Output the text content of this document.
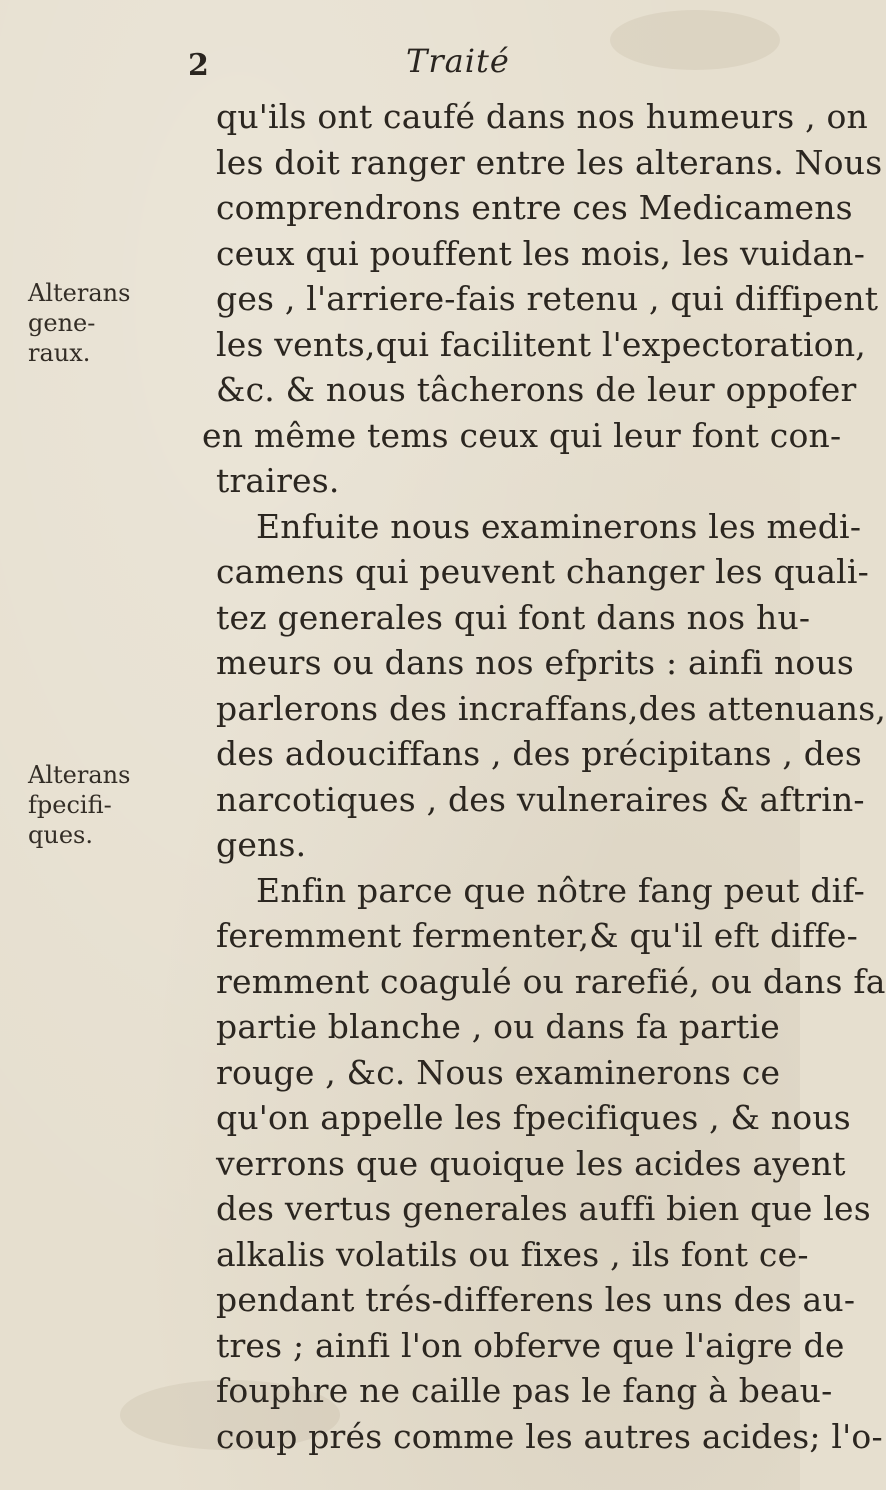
2	Traité
qu'ils ont caufé dans nos humeurs , on
les doit ranger entre les alterans. Nous
comprendrons entre ces Medicamens
ceux qui pouffent les mois, les vuidan-
ges , l'arriere-fais retenu , qui diffipent
les vents,qui facilitent l'expectoration,
&c. & nous tâcherons de leur oppofer
en même tems ceux qui leur font con-
traires.
Enfuite nous examinerons les medi-
camens qui peuvent changer les quali-
tez generales qui font dans nos hu-
meurs ou dans nos efprits : ainfi nous
parlerons des incraffans,des attenuans,
des adouciffans , des précipitans , des
narcotiques , des vulneraires & aftrin-
gens.
Enfin parce que nôtre fang peut dif-
feremment fermenter,& qu'il eft diffe-
remment coagulé ou rarefié, ou dans fa
partie blanche , ou dans fa partie
rouge , &c. Nous examinerons ce
qu'on appelle les fpecifiques , & nous
verrons que quoique les acides ayent
des vertus generales auffi bien que les
alkalis volatils ou fixes , ils font ce-
pendant trés-differens les uns des au-
tres ; ainfi l'on obferve que l'aigre de
fouphre ne caille pas le fang à beau-
coup prés comme les autres acides; l'o-
Alterans
gene-
raux.
Alterans
fpecifi-
ques.
